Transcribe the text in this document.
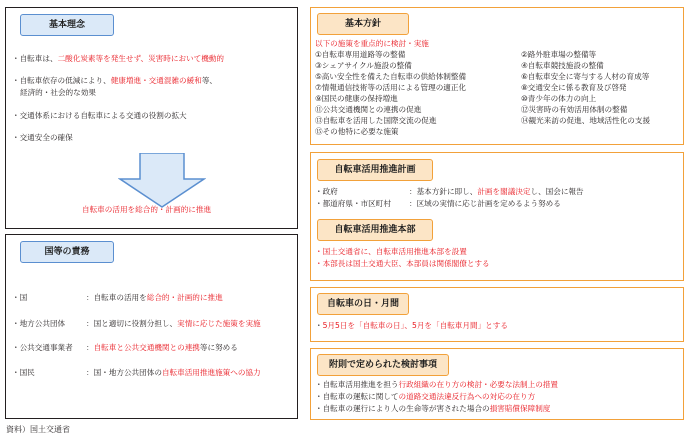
基本理念
・ 自転車は、二酸化炭素等を発生せず、災害時において機動的
・ 自転車依存の低減により、健康増進・交通混雑の緩和等、
経済的・社会的な効果
・ 交通体系における自転車による交通の役割の拡大
・ 交通安全の確保
自転車の活用を総合的・計画的に推進
国等の責務
・ 国	：自転車の活用を総合的・計画的に推進
・ 地方公共団体	：国と適切に役割分担し、実情に応じた施策を実施
・ 公共交通事業者 ：自転車と公共交通機関との連携等に努める
・ 国民	：国・地方公共団体の自転車活用推進施策への協力
基本方針
以下の施策を重点的に検討・実施
①自転車専用道路等の整備
③シェアサイクル施設の整備
⑤高い安全性を備えた自転車の供給体制整備
⑦情報通信技術等の活用による管理の適正化
⑨国民の健康の保持増進
⑪公共交通機関との連携の促進
⑬自転車を活用した国際交流の促進
⑮その他特に必要な施策
②路外駐車場の整備等
④自転車競技施設の整備
⑥自転車安全に寄与する人材の育成等
⑧交通安全に係る教育及び啓発
⑩青少年の体力の向上
⑫災害時の有効活用体制の整備
⑭観光来訪の促進、地域活性化の支援
自転車活用推進計画
・ 政府	：基本方針に即し、計画を閣議決定し、国会に報告
・ 都道府県・市区町村 ：区域の実情に応じ計画を定めるよう努める
自転車活用推進本部
・ 国土交通省に、自転車活用推進本部を設置
・ 本部長は国土交通大臣、本部員は関係閣僚とする
自転車の日・月間
・ 5月5日を「自転車の日」、5月を「自転車月間」とする
附則で定められた検討事項
・ 自転車活用推進を担う行政組織の在り方の検討・必要な法制上の措置
・ 自転車の運転に関しての道路交通法違反行為への対応の在り方
・ 自転車の運行により人の生命等が害された場合の損害賠償保障制度
資料）国土交通省
